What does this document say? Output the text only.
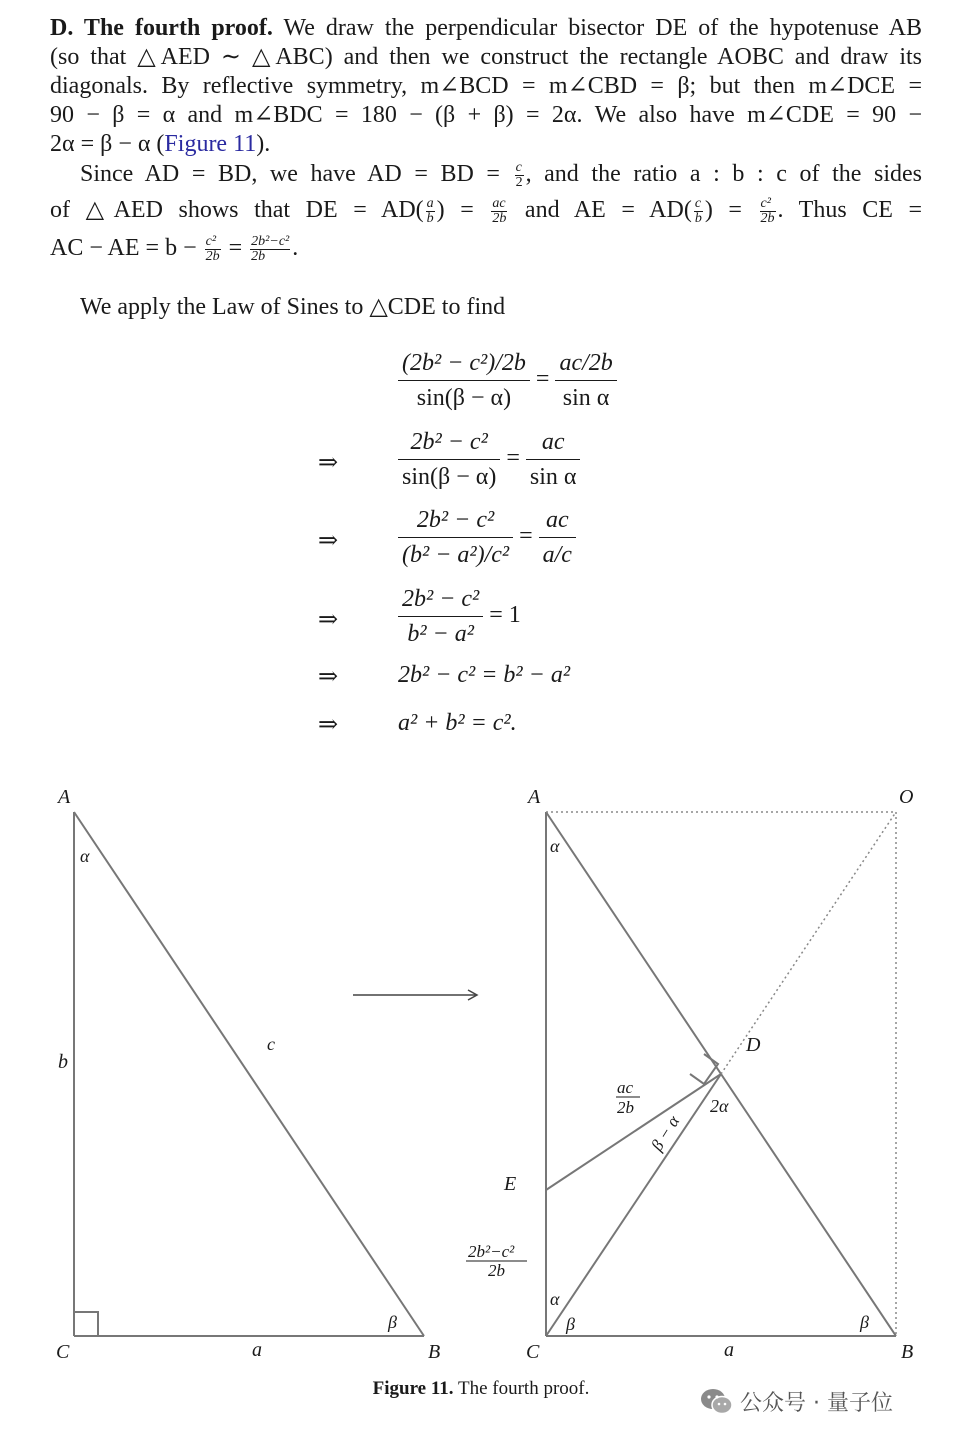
D. The fourth proof. We draw the perpendicular bisector DE of the hypotenuse AB
(so that △AED ∼ △ABC) and then we construct the rectangle AOBC and draw its
diagonals. By reflective symmetry, m∠BCD = m∠CBD = β; but then m∠DCE =
90 − β = α and m∠BDC = 180 − (β + β) = 2α. We also have m∠CDE = 90 −
2α = β − α (Figure 11).
Since AD = BD, we have AD = BD = $\frac{c}{2}$ , and the ratio a : b : c of the sides
of △AED shows that DE = $AD( \frac{a}{b}$ ) = $\frac{ac}{2b}$ and AE = $AD( \frac{c}{b}$ ) = $\frac{\text{c²}}{2b}$ . Thus CE =
AC − AE = $b - \frac{\text{c²}}{2b} = \frac{\text{2b²−c²}}{2b}$ .
We apply the Law of Sines to △CDE to find
$\frac{\text{(2b² − c²)/2b}}{\sin(\beta - \alpha)} = \frac{ac/2b}{\text{sin α}}$
⇒ $\frac{\text{2b² − c²}}{\sin(\beta - \alpha)} = \frac{ac}{\text{sin α}}$
⇒ $\frac{\text{2b² − c²}}{\text{(b² − a²)/c²}} = \frac{ac}{a/c}$
⇒ $\frac{\text{2b² − c²}}{\text{b² − a²}} = 1$
⇒ 2b² − c² = b² − a²
⇒ a² + b² = c².
A
C	B
α
β
b
c
a
A	O
C	B
D
E
α
α
β	β
a
2α
β − α
ac
2b
2b²−c²
2b
Figure 11. The fourth proof.
公众号 · 量子位
